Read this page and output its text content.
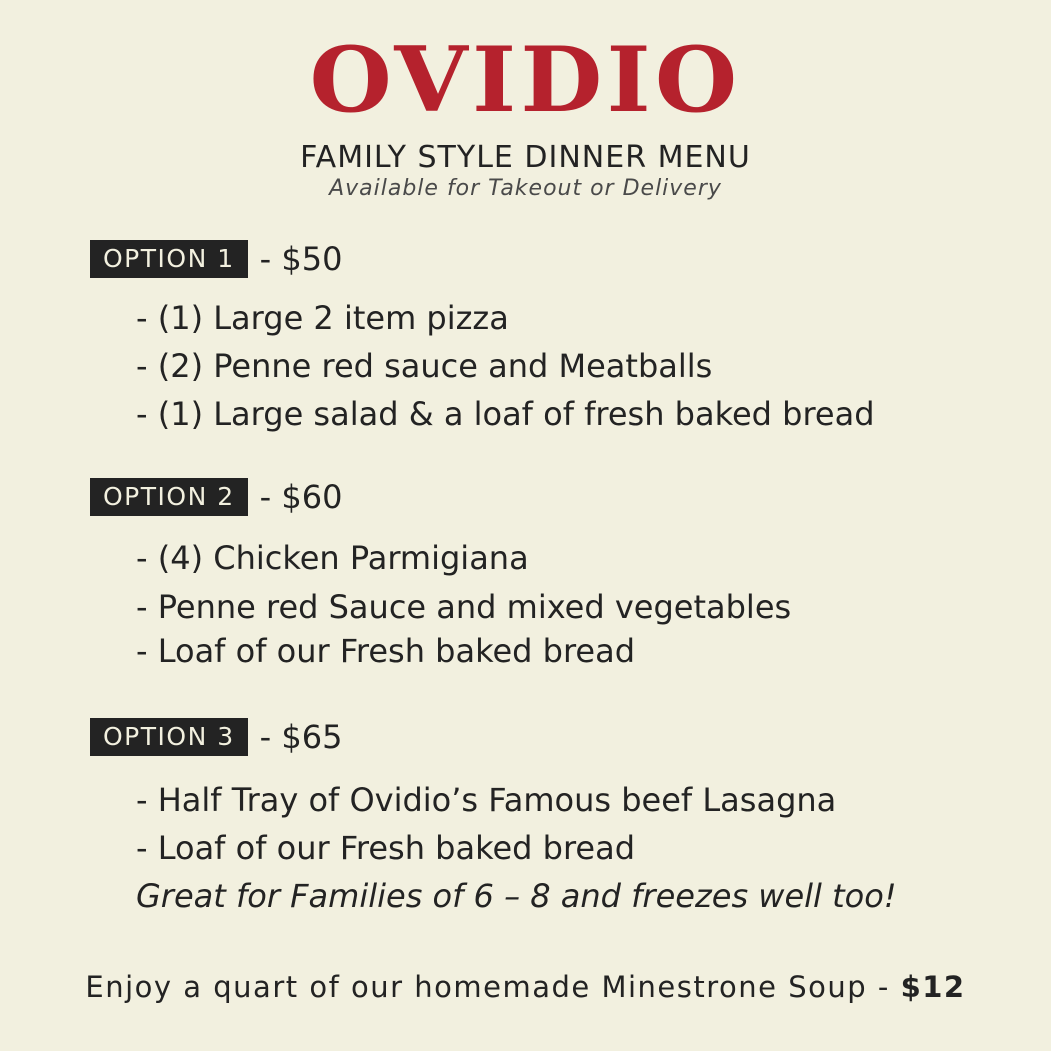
OVIDIO
FAMILY STYLE DINNER MENU
Available for Takeout or Delivery
OPTION 1 - $50
- (1) Large 2 item pizza
- (2) Penne red sauce and Meatballs
- (1) Large salad & a loaf of fresh baked bread
OPTION 2 - $60
- (4) Chicken Parmigiana
- Penne red Sauce and mixed vegetables
- Loaf of our Fresh baked bread
OPTION 3 - $65
- Half Tray of Ovidio’s Famous beef Lasagna
- Loaf of our Fresh baked bread
Great for Families of 6 – 8 and freezes well too!
Enjoy a quart of our homemade Minestrone Soup - $12
